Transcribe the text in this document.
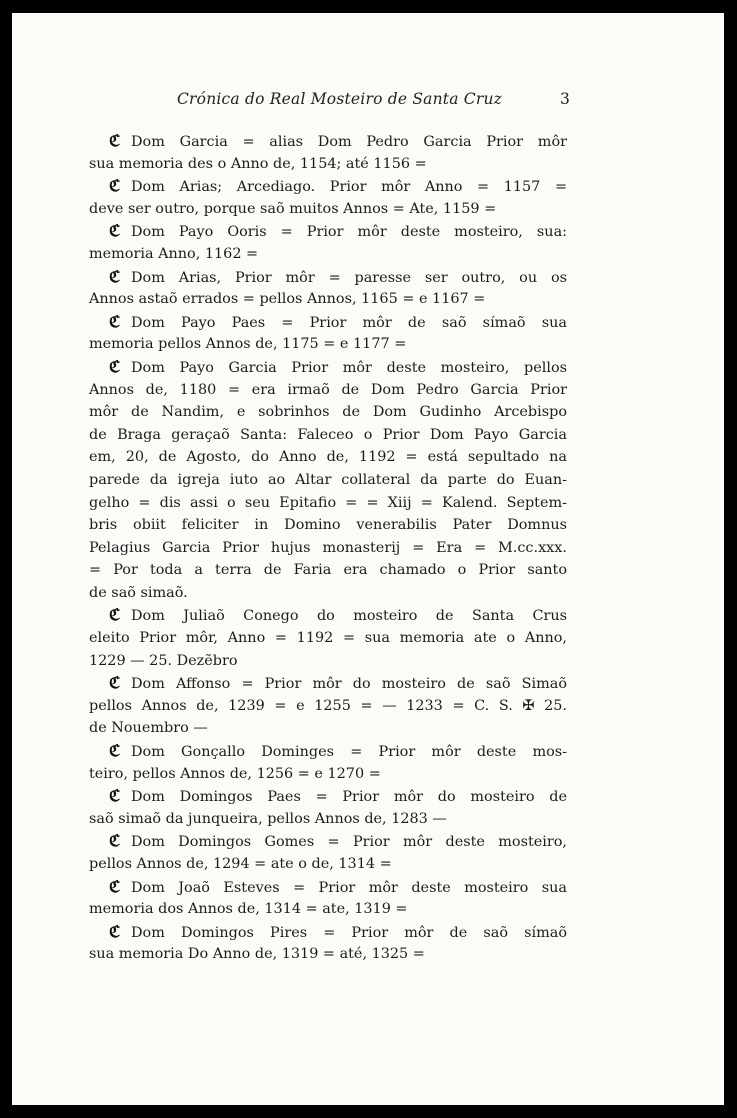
Crónica do Real Mosteiro de Santa Cruz	3
ℭ Dom Garcia = alias Dom Pedro Garcia Prior môr
sua memoria des o Anno de, 1154; até 1156 =
ℭ Dom Arias; Arcediago. Prior môr Anno = 1157 =
deve ser outro, porque saõ muitos Annos = Ate, 1159 =
ℭ Dom Payo Ooris = Prior môr deste mosteiro, sua:
memoria Anno, 1162 =
ℭ Dom Arias, Prior môr = paresse ser outro, ou os
Annos astaõ errados = pellos Annos, 1165 = e 1167 =
ℭ Dom Payo Paes = Prior môr de saõ símaõ sua
memoria pellos Annos de, 1175 = e 1177 =
ℭ Dom Payo Garcia Prior môr deste mosteiro, pellos
Annos de, 1180 = era irmaõ de Dom Pedro Garcia Prior
môr de Nandim, e sobrinhos de Dom Gudinho Arcebispo
de Braga geraçaõ Santa: Faleceo o Prior Dom Payo Garcia
em, 20, de Agosto, do Anno de, 1192 = está sepultado na
parede da igreja iuto ao Altar collateral da parte do Euan-
gelho = dis assi o seu Epitafio = = Xiij = Kalend. Septem-
bris obiit feliciter in Domino venerabilis Pater Domnus
Pelagius Garcia Prior hujus monasterij = Era = M.cc.xxx.
= Por toda a terra de Faria era chamado o Prior santo
de saõ simaõ.
ℭ Dom Juliaõ Conego do mosteiro de Santa Crus
eleito Prior môr, Anno = 1192 = sua memoria ate o Anno,
1229 — 25. Dezẽbro
ℭ Dom Affonso = Prior môr do mosteiro de saõ Simaõ
pellos Annos de, 1239 = e 1255 = — 1233 = C. S. ✠ 25.
de Nouembro —
ℭ Dom Gonçallo Dominges = Prior môr deste mos-
teiro, pellos Annos de, 1256 = e 1270 =
ℭ Dom Domingos Paes = Prior môr do mosteiro de
saõ simaõ da junqueira, pellos Annos de, 1283 —
ℭ Dom Domingos Gomes = Prior môr deste mosteiro,
pellos Annos de, 1294 = ate o de, 1314 =
ℭ Dom Joaõ Esteves = Prior môr deste mosteiro sua
memoria dos Annos de, 1314 = ate, 1319 =
ℭ Dom Domingos Pires = Prior môr de saõ símaõ
sua memoria Do Anno de, 1319 = até, 1325 =
